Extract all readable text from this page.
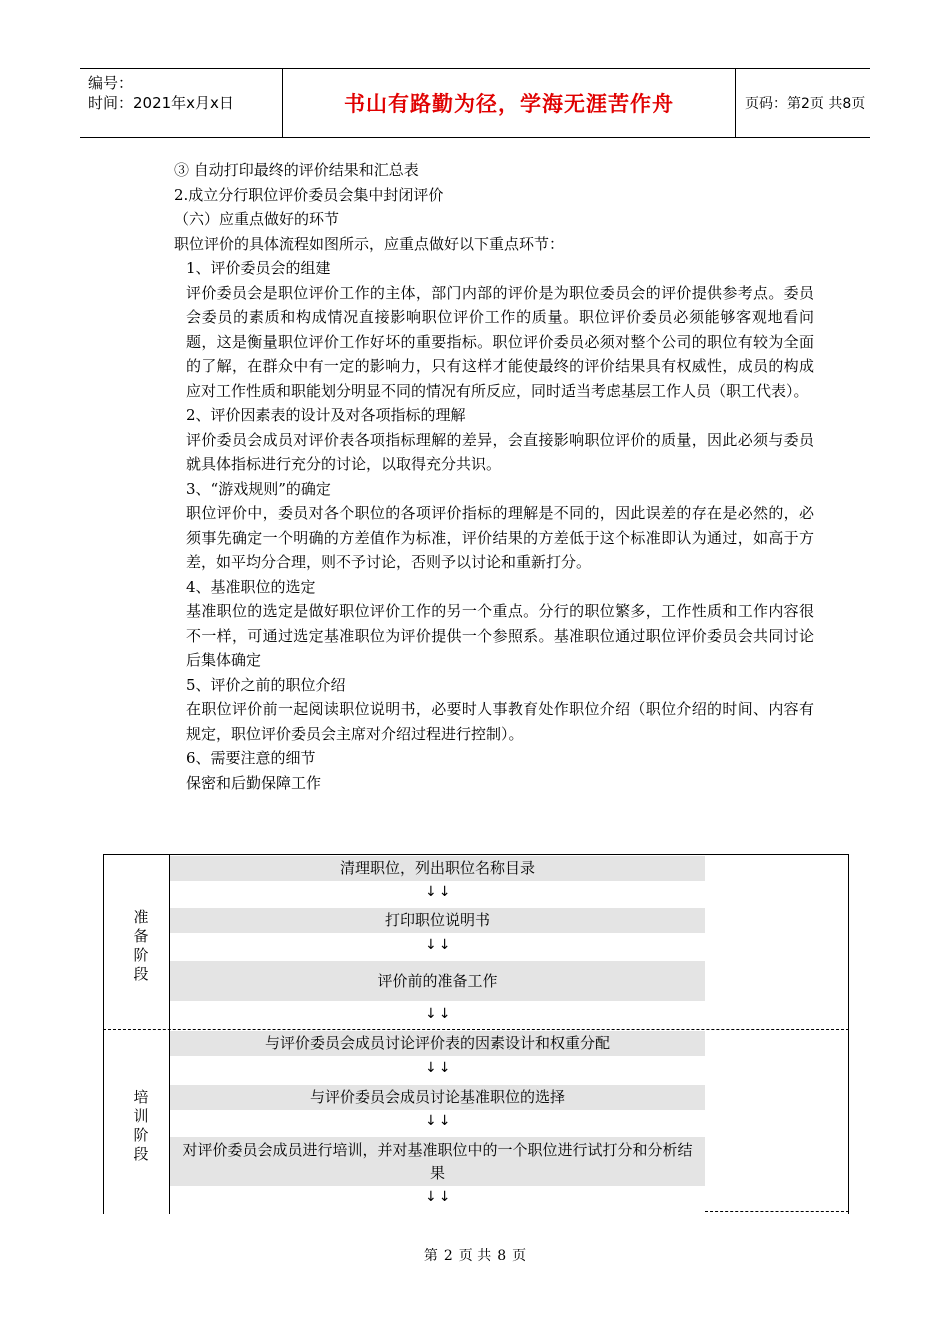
编号：
时间：2021年x月x日	书山有路勤为径，学海无涯苦作舟	页码：第2页 共8页

③ 自动打印最终的评价结果和汇总表

2.成立分行职位评价委员会集中封闭评价

（六）应重点做好的环节

职位评价的具体流程如图所示，应重点做好以下重点环节：

1、评价委员会的组建

评价委员会是职位评价工作的主体，部门内部的评价是为职位委员会的评价提供参考点。委员会委员的素质和构成情况直接影响职位评价工作的质量。职位评价委员必须能够客观地看问题，这是衡量职位评价工作好坏的重要指标。职位评价委员必须对整个公司的职位有较为全面的了解，在群众中有一定的影响力，只有这样才能使最终的评价结果具有权威性，成员的构成应对工作性质和职能划分明显不同的情况有所反应，同时适当考虑基层工作人员（职工代表）。

2、评价因素表的设计及对各项指标的理解

评价委员会成员对评价表各项指标理解的差异，会直接影响职位评价的质量，因此必须与委员就具体指标进行充分的讨论，以取得充分共识。

3、“游戏规则”的确定

职位评价中，委员对各个职位的各项评价指标的理解是不同的，因此误差的存在是必然的，必须事先确定一个明确的方差值作为标准，评价结果的方差低于这个标准即认为通过，如高于方差，如平均分合理，则不予讨论，否则予以讨论和重新打分。

4、基准职位的选定

基准职位的选定是做好职位评价工作的另一个重点。分行的职位繁多，工作性质和工作内容很不一样，可通过选定基准职位为评价提供一个参照系。基准职位通过职位评价委员会共同讨论后集体确定

5、评价之前的职位介绍

在职位评价前一起阅读职位说明书，必要时人事教育处作职位介绍（职位介绍的时间、内容有规定，职位评价委员会主席对介绍过程进行控制）。

6、需要注意的细节

保密和后勤保障工作

准备阶段
培训阶段
清理职位，列出职位名称目录
↓↓
打印职位说明书
↓↓
评价前的准备工作
↓↓
与评价委员会成员讨论评价表的因素设计和权重分配
↓↓
与评价委员会成员讨论基准职位的选择
↓↓
对评价委员会成员进行培训，并对基准职位中的一个职位进行试打分和分析结果
↓↓
第 2 页 共 8 页
